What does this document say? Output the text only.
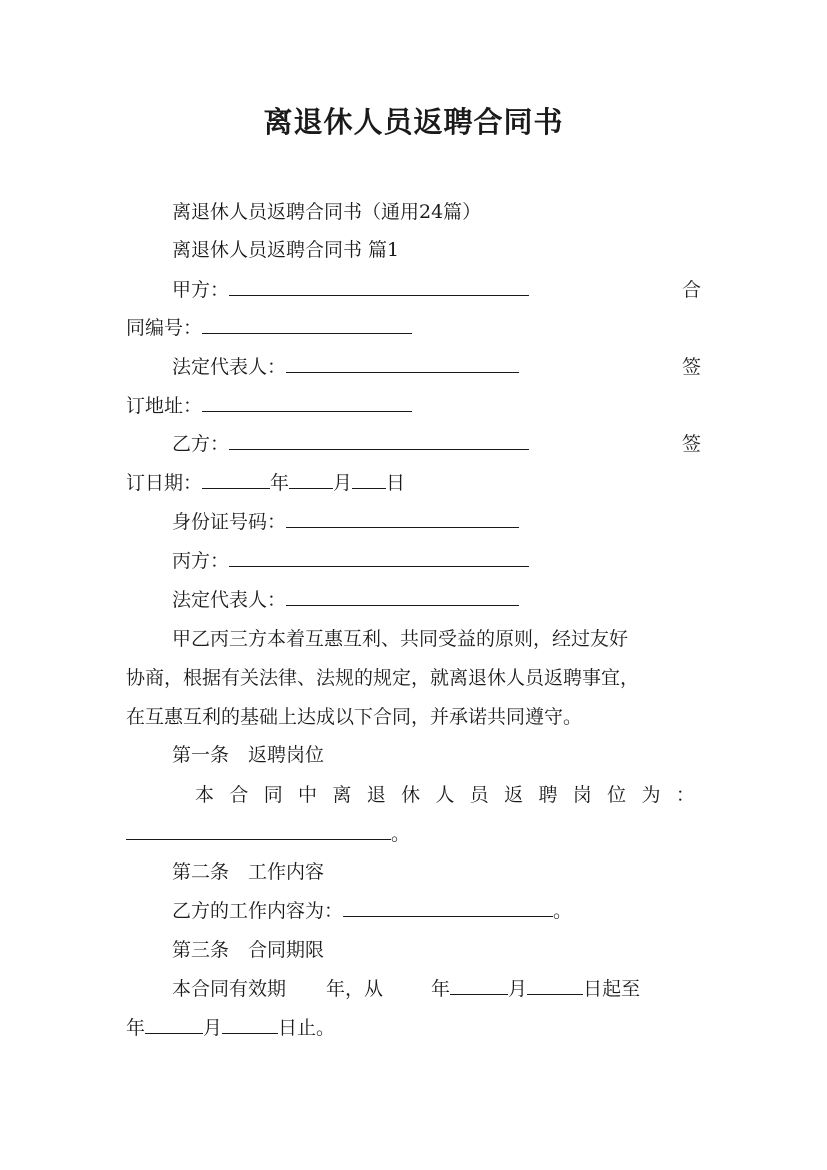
离退休人员返聘合同书
离退休人员返聘合同书（通用24篇）
离退休人员返聘合同书 篇1
甲方：	合
同编号：
法定代表人：	签
订地址：
乙方：	签
订日期：	年 月 日
身份证号码：
丙方：
法定代表人：
甲乙丙三方本着互惠互利、共同受益的原则，经过友好
协商，根据有关法律、法规的规定，就离退休人员返聘事宜，
在互惠互利的基础上达成以下合同，并承诺共同遵守。
第一条　返聘岗位
本 合 同 中 离 退 休 人 员 返 聘 岗 位 为 ：
。
第二条　工作内容
乙方的工作内容为：	。
第三条　合同期限
本合同有效期 年，从	年	月	日起至
年	月	日止。
